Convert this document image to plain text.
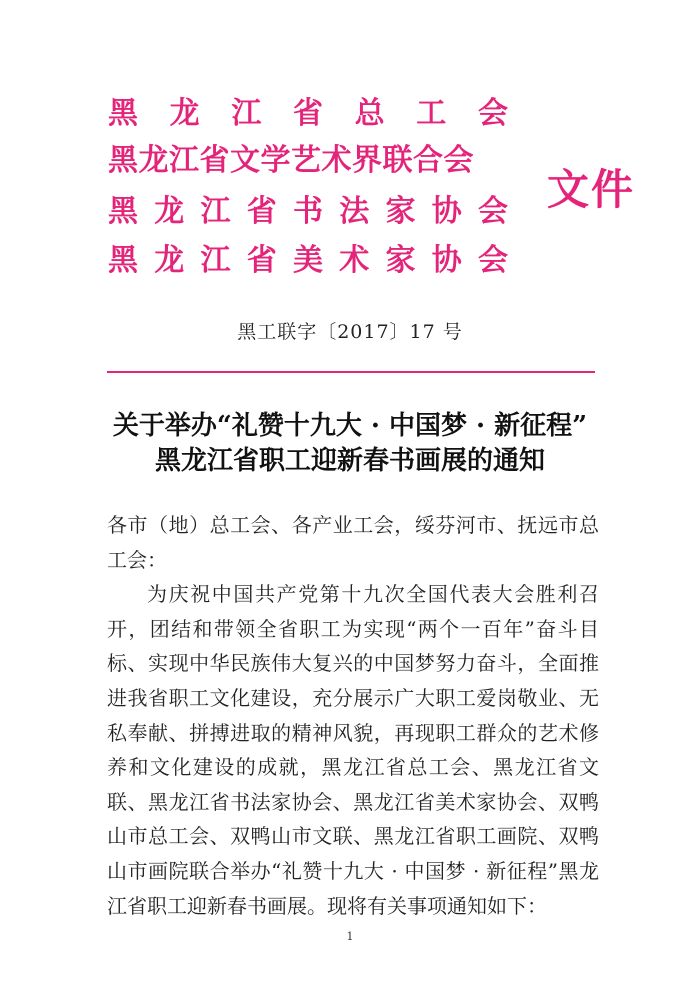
黑 龙 江 省 总 工 会
黑龙江省文学艺术界联合会
黑 龙 江 省 书 法 家 协 会
黑 龙 江 省 美 术 家 协 会
文件
黑工联字〔2017〕17 号
关于举办“礼赞十九大 · 中国梦 · 新征程”
黑龙江省职工迎新春书画展的通知

各市（地）总工会、各产业工会，绥芬河市、抚远市总工会：

为庆祝中国共产党第十九次全国代表大会胜利召开，团结和带领全省职工为实现“两个一百年”奋斗目标、实现中华民族伟大复兴的中国梦努力奋斗，全面推进我省职工文化建设，充分展示广大职工爱岗敬业、无私奉献、拼搏进取的精神风貌，再现职工群众的艺术修养和文化建设的成就，黑龙江省总工会、黑龙江省文联、黑龙江省书法家协会、黑龙江省美术家协会、双鸭山市总工会、双鸭山市文联、黑龙江省职工画院、双鸭山市画院联合举办“礼赞十九大 · 中国梦 · 新征程”黑龙江省职工迎新春书画展。现将有关事项通知如下：

1
